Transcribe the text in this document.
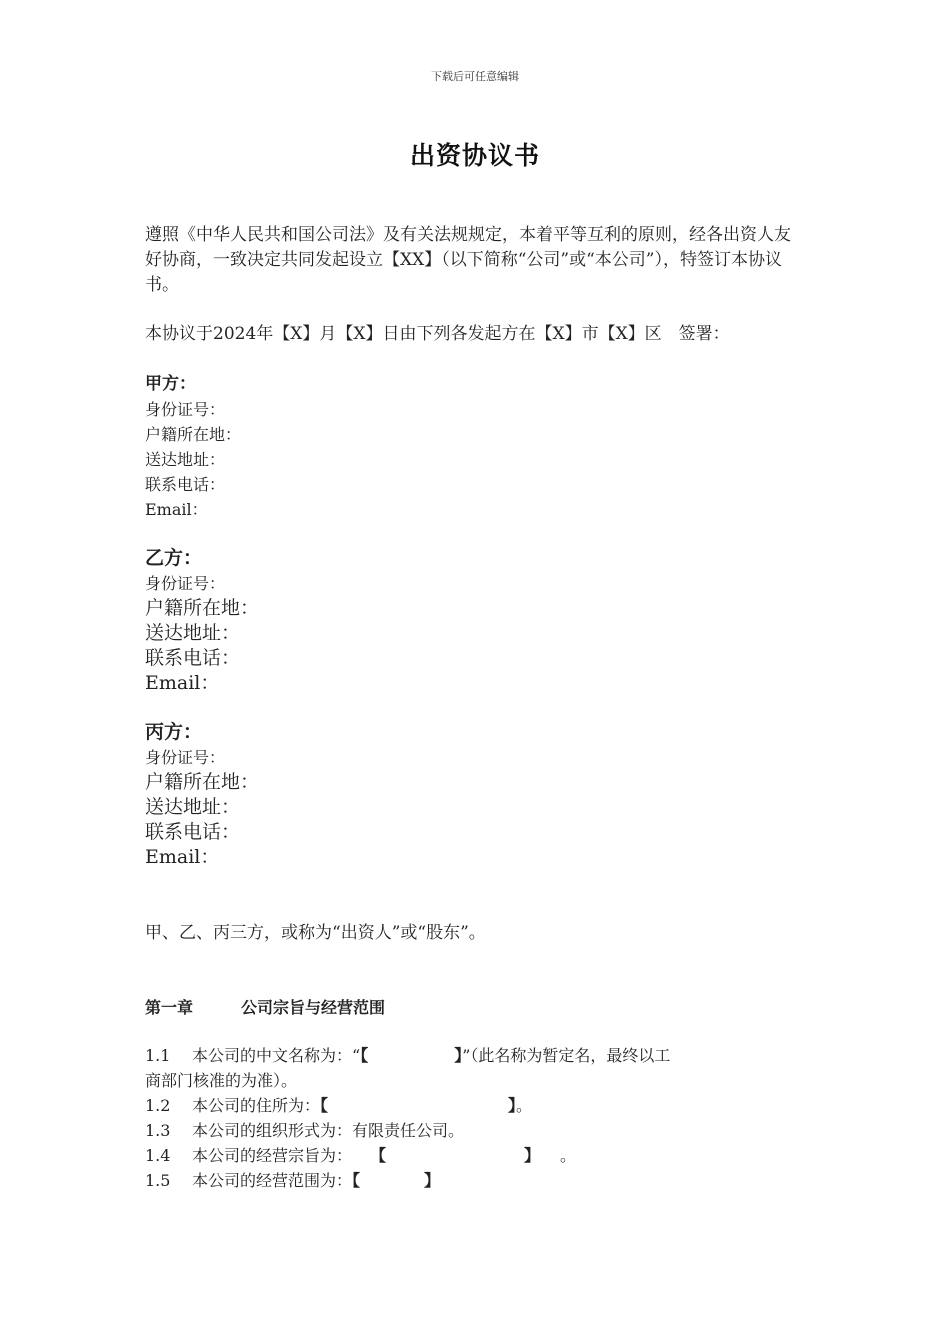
下载后可任意编辑
出资协议书

遵照《中华人民共和国公司法》及有关法规规定，本着平等互利的原则，经各出资人友好协商，一致决定共同发起设立【XX】（以下简称“公司”或“本公司”），特签订本协议书。

本协议于2024年【X】月【X】日由下列各发起方在【X】市【X】区　签署：

甲方：
身份证号：
户籍所在地：
送达地址：
联系电话：
Email：
乙方：
身份证号：
户籍所在地：
送达地址：
联系电话：
Email：
丙方：
身份证号：
户籍所在地：
送达地址：
联系电话：
Email：

甲、乙、丙三方，或称为“出资人”或“股东”。

第一章	公司宗旨与经营范围
1.1 本公司的中文名称为：“【	】”（此名称为暂定名，最终以工
商部门核准的为准）。
1.2 本公司的住所为：【	】。
1.3 本公司的组织形式为：有限责任公司。
1.4 本公司的经营宗旨为： 【	】 。
1.5 本公司的经营范围为：【	】
